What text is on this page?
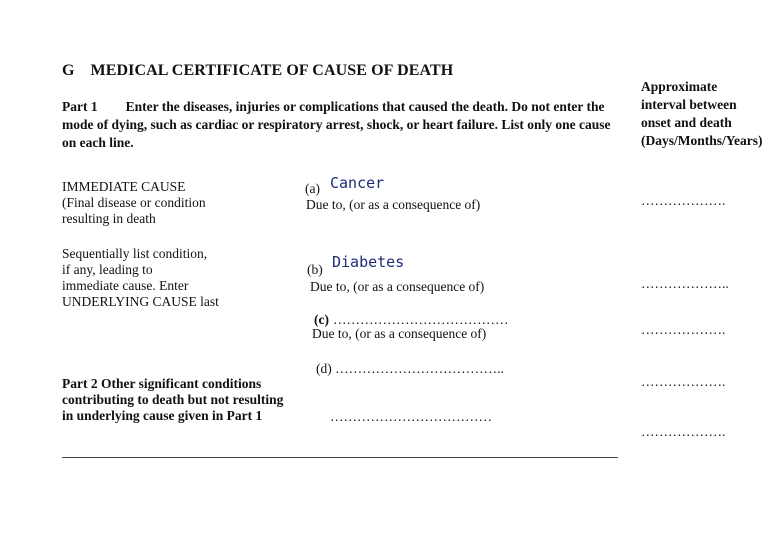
G MEDICAL CERTIFICATE OF CAUSE OF DEATH
Part 1 Enter the diseases, injuries or complications that caused the death. Do not enter the mode of dying, such as cardiac or respiratory arrest, shock, or heart failure. List only one cause on each line.
Approximate
interval between
onset and death
(Days/Months/Years)
IMMEDIATE CAUSE
(Final disease or condition
resulting in death
Sequentially list condition,
if any, leading to
immediate cause. Enter
UNDERLYING CAUSE last
(a) Cancer
Due to, (or as a consequence of)
(b) Diabetes
Due to, (or as a consequence of)
(c) …………………………………
Due to, (or as a consequence of)
(d) ………………………………..
Part 2 Other significant conditions
contributing to death but not resulting
in underlying cause given in Part 1	………………………………
……………….
………………..
……………….
……………….
……………….
